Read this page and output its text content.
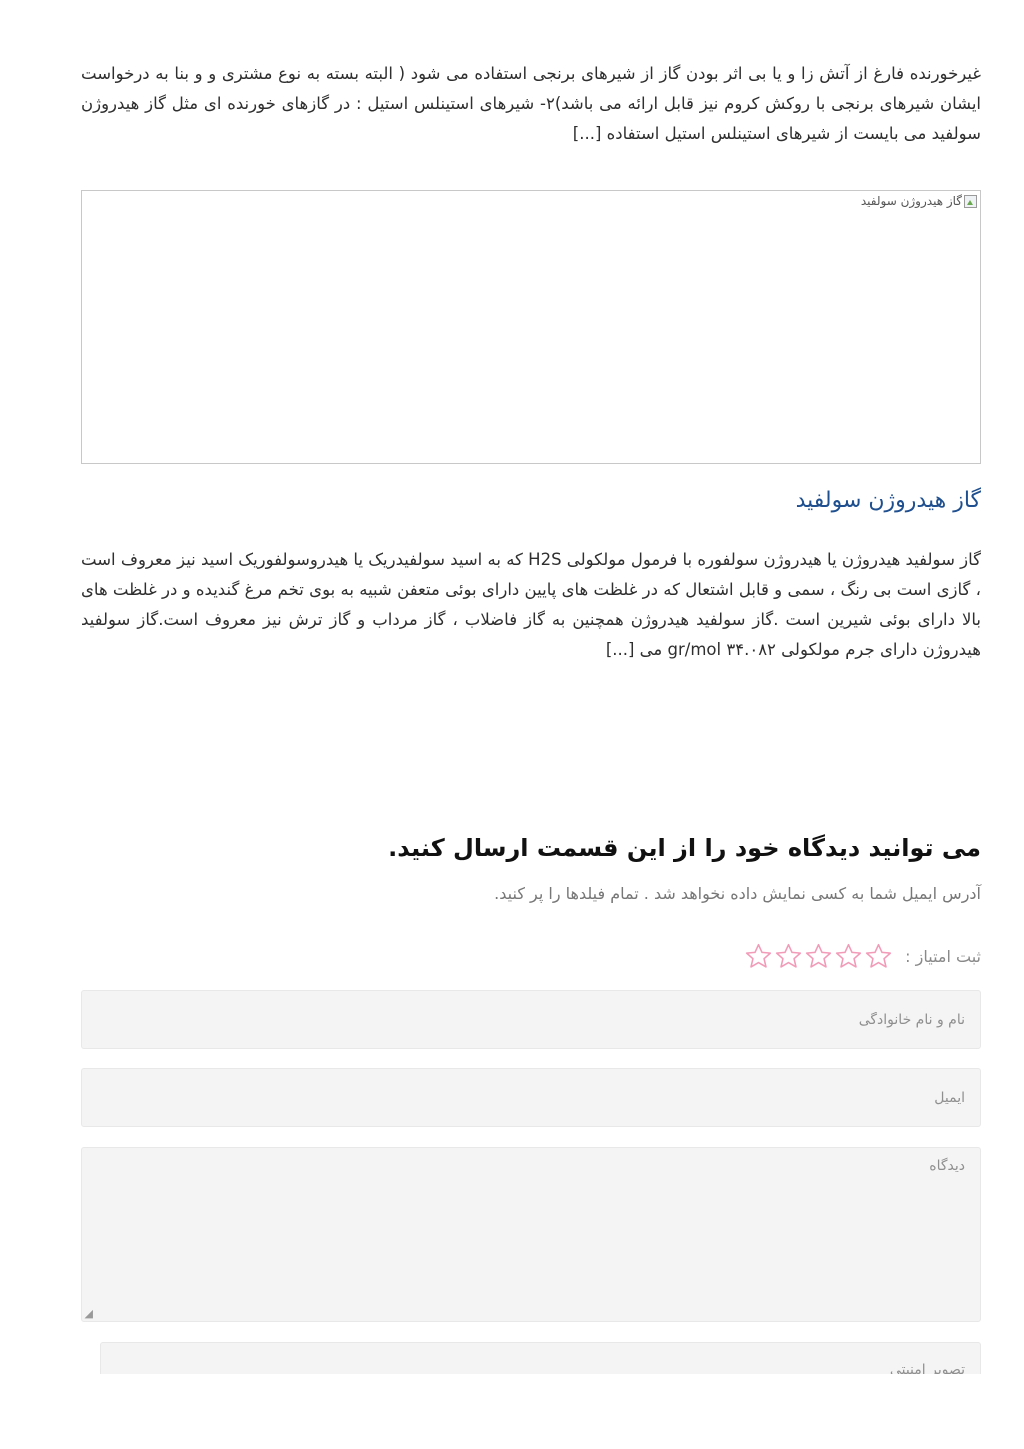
غیرخورنده فارغ از آتش زا و یا بی اثر بودن گاز از شیرهای برنجی استفاده می شود ( البته بسته به نوع مشتری و و بنا به درخواست ایشان شیرهای برنجی با روکش کروم نیز قابل ارائه می باشد)۲- شیرهای استینلس استیل : در گازهای خورنده ای مثل گاز هیدروژن سولفید می بایست از شیرهای استینلس استیل استفاده [...]

گاز هیدروژن سولفید
گاز هیدروژن سولفید

گاز سولفید هیدروژن یا هیدروژن سولفوره با فرمول مولکولی H2S که به اسید سولفیدریک یا هیدروسولفوریک اسید نیز معروف است ، گازی است بی رنگ ، سمی و قابل اشتعال که در غلظت های پایین دارای بوئی متعفن شبیه به بوی تخم مرغ گندیده و در غلظت های بالا دارای بوئی شیرین است .گاز سولفید هیدروژن همچنین به گاز فاضلاب ، گاز مرداب و گاز ترش نیز معروف است.گاز سولفید هیدروژن دارای جرم مولکولی ۳۴.۰۸۲ gr/mol می [...]

می توانید دیدگاه خود را از این قسمت ارسال کنید.

آدرس ایمیل شما به کسی نمایش داده نخواهد شد . تمام فیلدها را پر کنید.

ثبت امتیاز :
نام و نام خانوادگی
ایمیل
دیدگاه
◢
تصویر امنیتی
